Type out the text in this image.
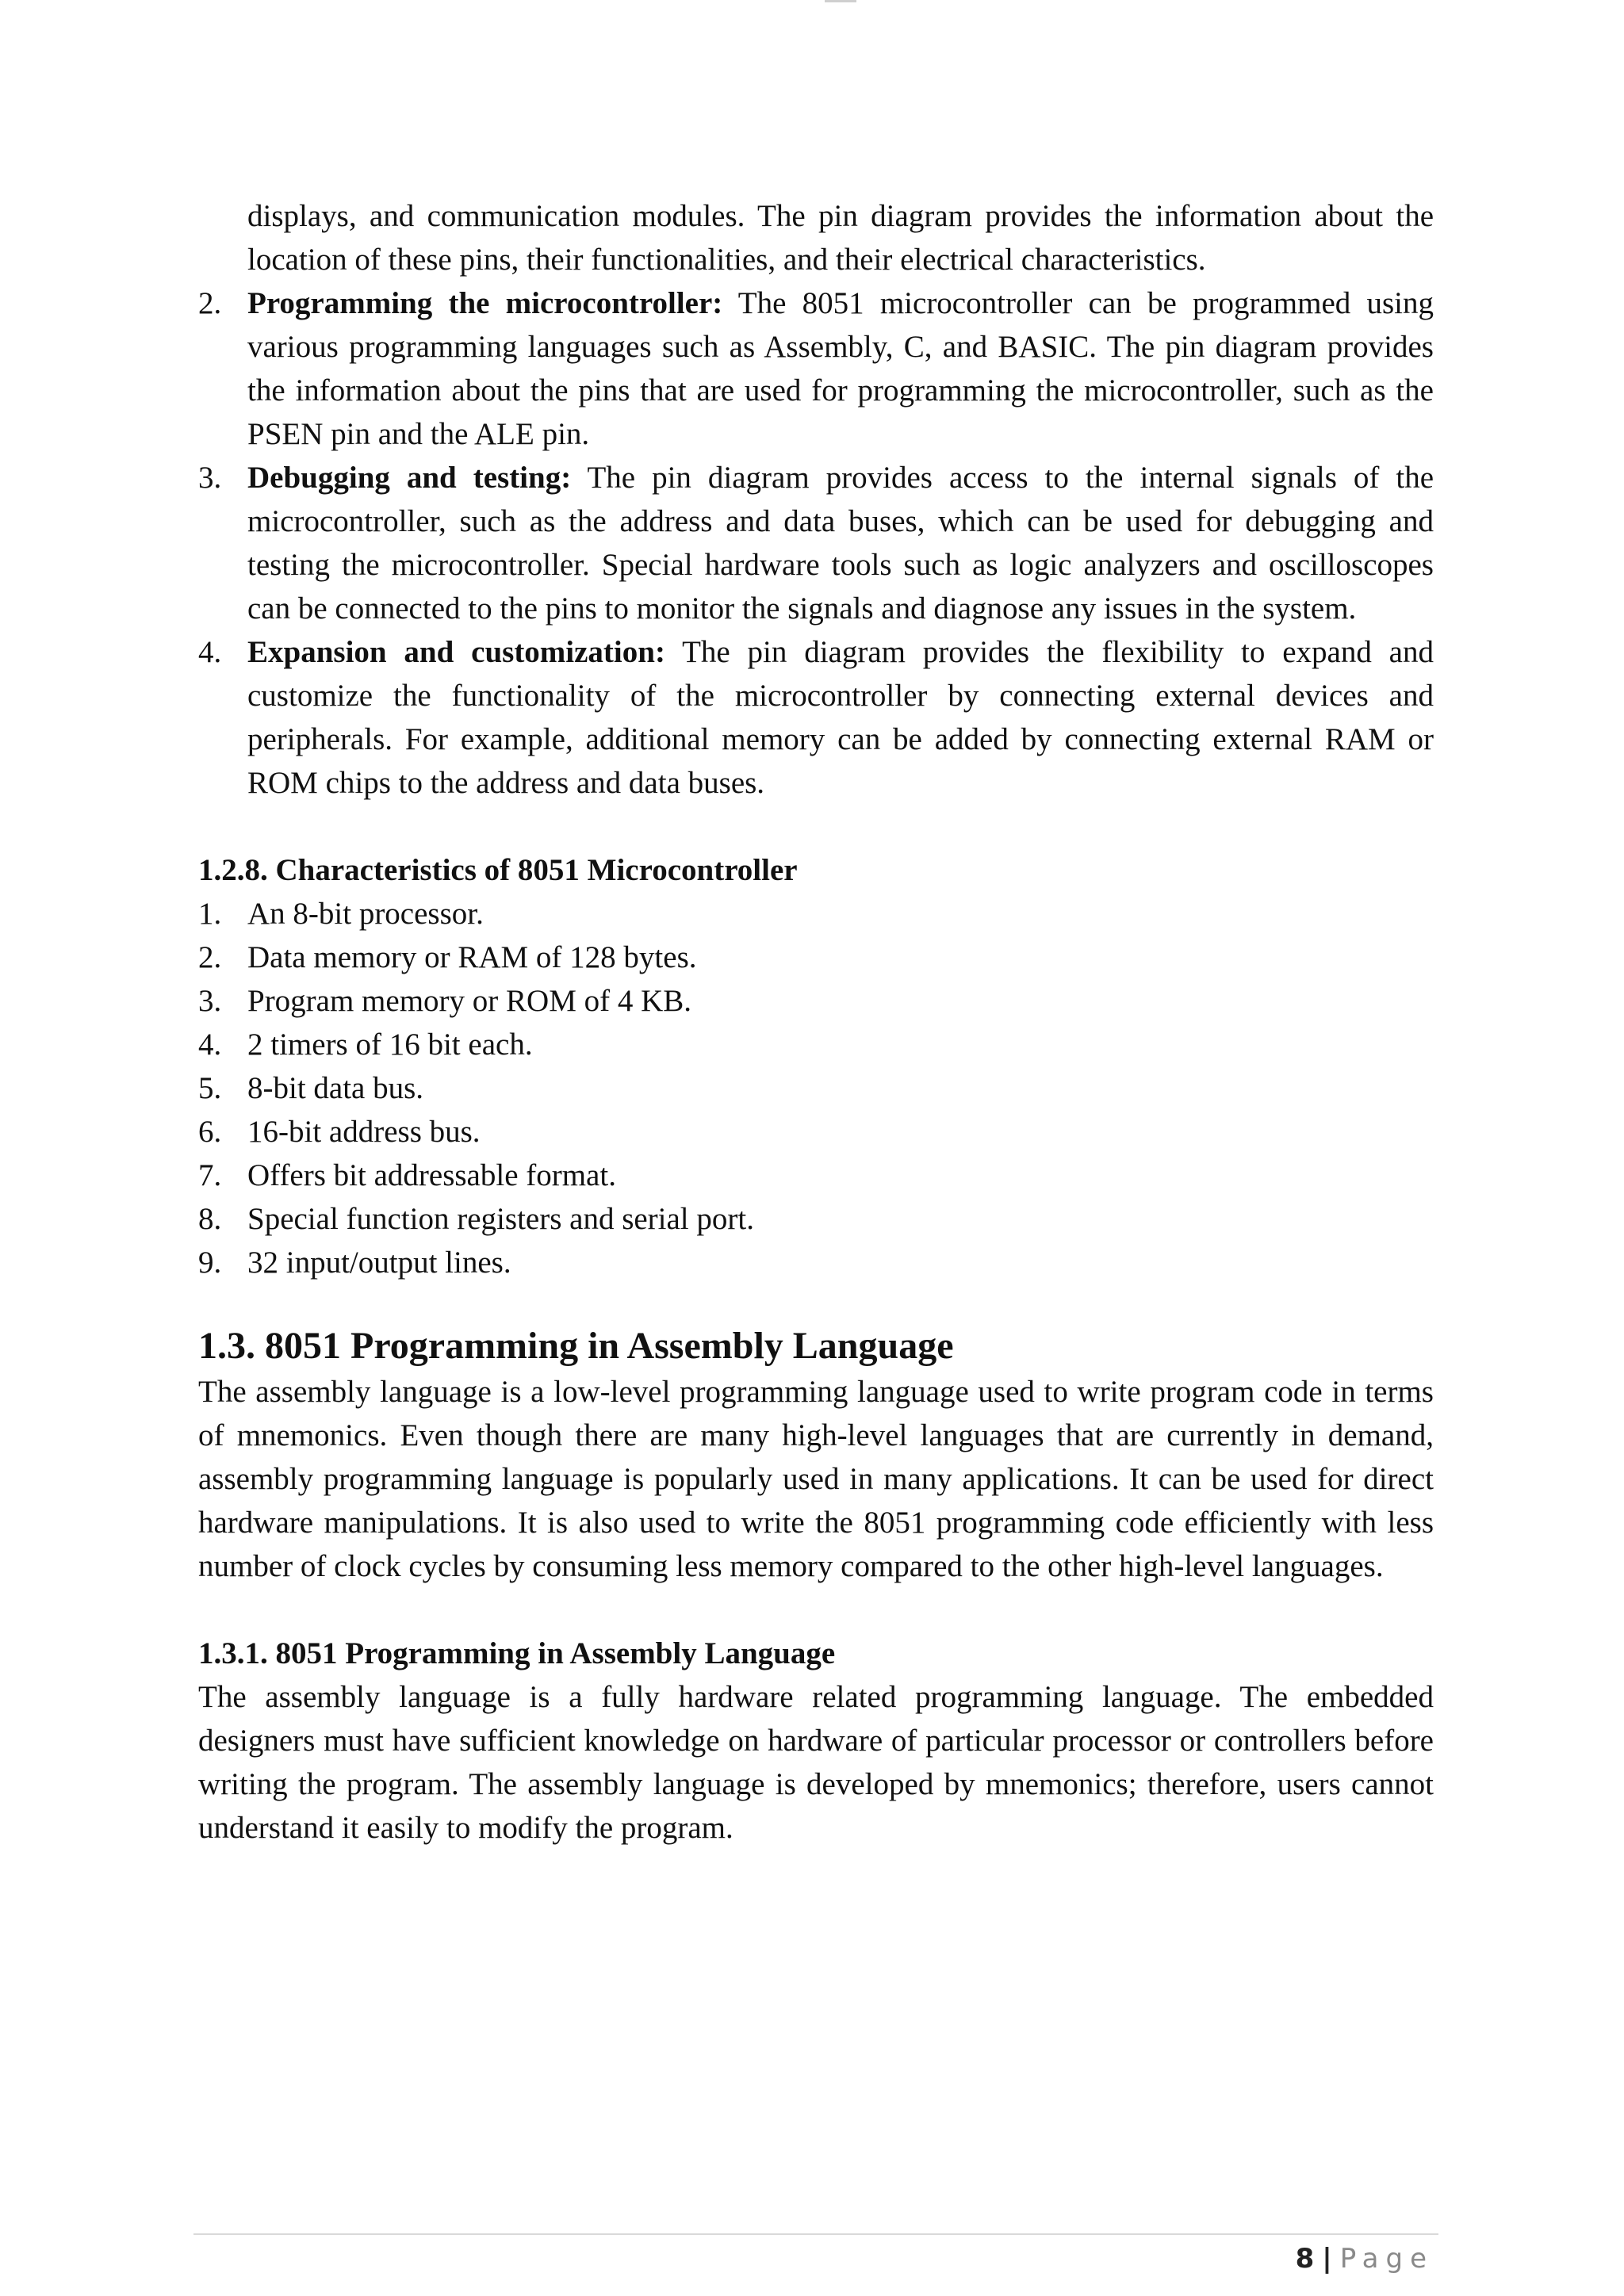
displays, and communication modules. The pin diagram provides the information about the location of these pins, their functionalities, and their electrical characteristics.

2. Programming the microcontroller: The 8051 microcontroller can be programmed using various programming languages such as Assembly, C, and BASIC. The pin diagram provides the information about the pins that are used for programming the microcontroller, such as the PSEN pin and the ALE pin.
3. Debugging and testing: The pin diagram provides access to the internal signals of the microcontroller, such as the address and data buses, which can be used for debugging and testing the microcontroller. Special hardware tools such as logic analyzers and oscilloscopes can be connected to the pins to monitor the signals and diagnose any issues in the system.
4. Expansion and customization: The pin diagram provides the flexibility to expand and customize the functionality of the microcontroller by connecting external devices and peripherals. For example, additional memory can be added by connecting external RAM or ROM chips to the address and data buses.
1.2.8. Characteristics of 8051 Microcontroller
1. An 8-bit processor.
2. Data memory or RAM of 128 bytes.
3. Program memory or ROM of 4 KB.
4. 2 timers of 16 bit each.
5. 8-bit data bus.
6. 16-bit address bus.
7. Offers bit addressable format.
8. Special function registers and serial port.
9. 32 input/output lines.
1.3. 8051 Programming in Assembly Language

The assembly language is a low-level programming language used to write program code in terms of mnemonics. Even though there are many high-level languages that are currently in demand, assembly programming language is popularly used in many applications. It can be used for direct hardware manipulations. It is also used to write the 8051 programming code efficiently with less number of clock cycles by consuming less memory compared to the other high-level languages.

1.3.1. 8051 Programming in Assembly Language

The assembly language is a fully hardware related programming language. The embedded designers must have sufficient knowledge on hardware of particular processor or controllers before writing the program. The assembly language is developed by mnemonics; therefore, users cannot understand it easily to modify the program.

8 | Page
